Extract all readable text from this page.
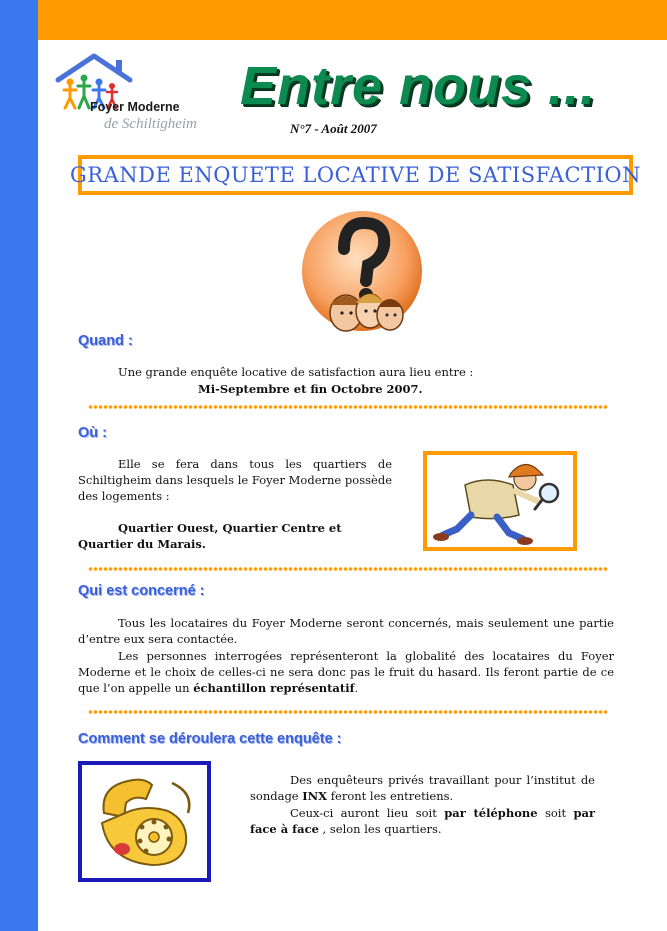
Foyer Moderne
de Schiltigheim
Entre nous ...
N°7 - Août 2007
GRANDE ENQUETE LOCATIVE DE SATISFACTION
Quand :
Une grande enquête locative de satisfaction aura lieu entre :
Mi-Septembre et fin Octobre 2007.
Où :
Elle se fera dans tous les quartiers de Schiltigheim dans lesquels le Foyer Moderne possède des logements :
Quartier Ouest, Quartier Centre et Quartier du Marais.
Qui est concerné :
Tous les locataires du Foyer Moderne seront concernés, mais seulement une partie d’entre eux sera contactée.
Les personnes interrogées représenteront la globalité des locataires du Foyer Moderne et le choix de celles-ci ne sera donc pas le fruit du hasard. Ils feront partie de ce que l’on appelle un échantillon représentatif.
Comment se déroulera cette enquête :
Des enquêteurs privés travaillant pour l’institut de sondage INX feront les entretiens.
Ceux-ci auront lieu soit par téléphone soit par face à face , selon les quartiers.
